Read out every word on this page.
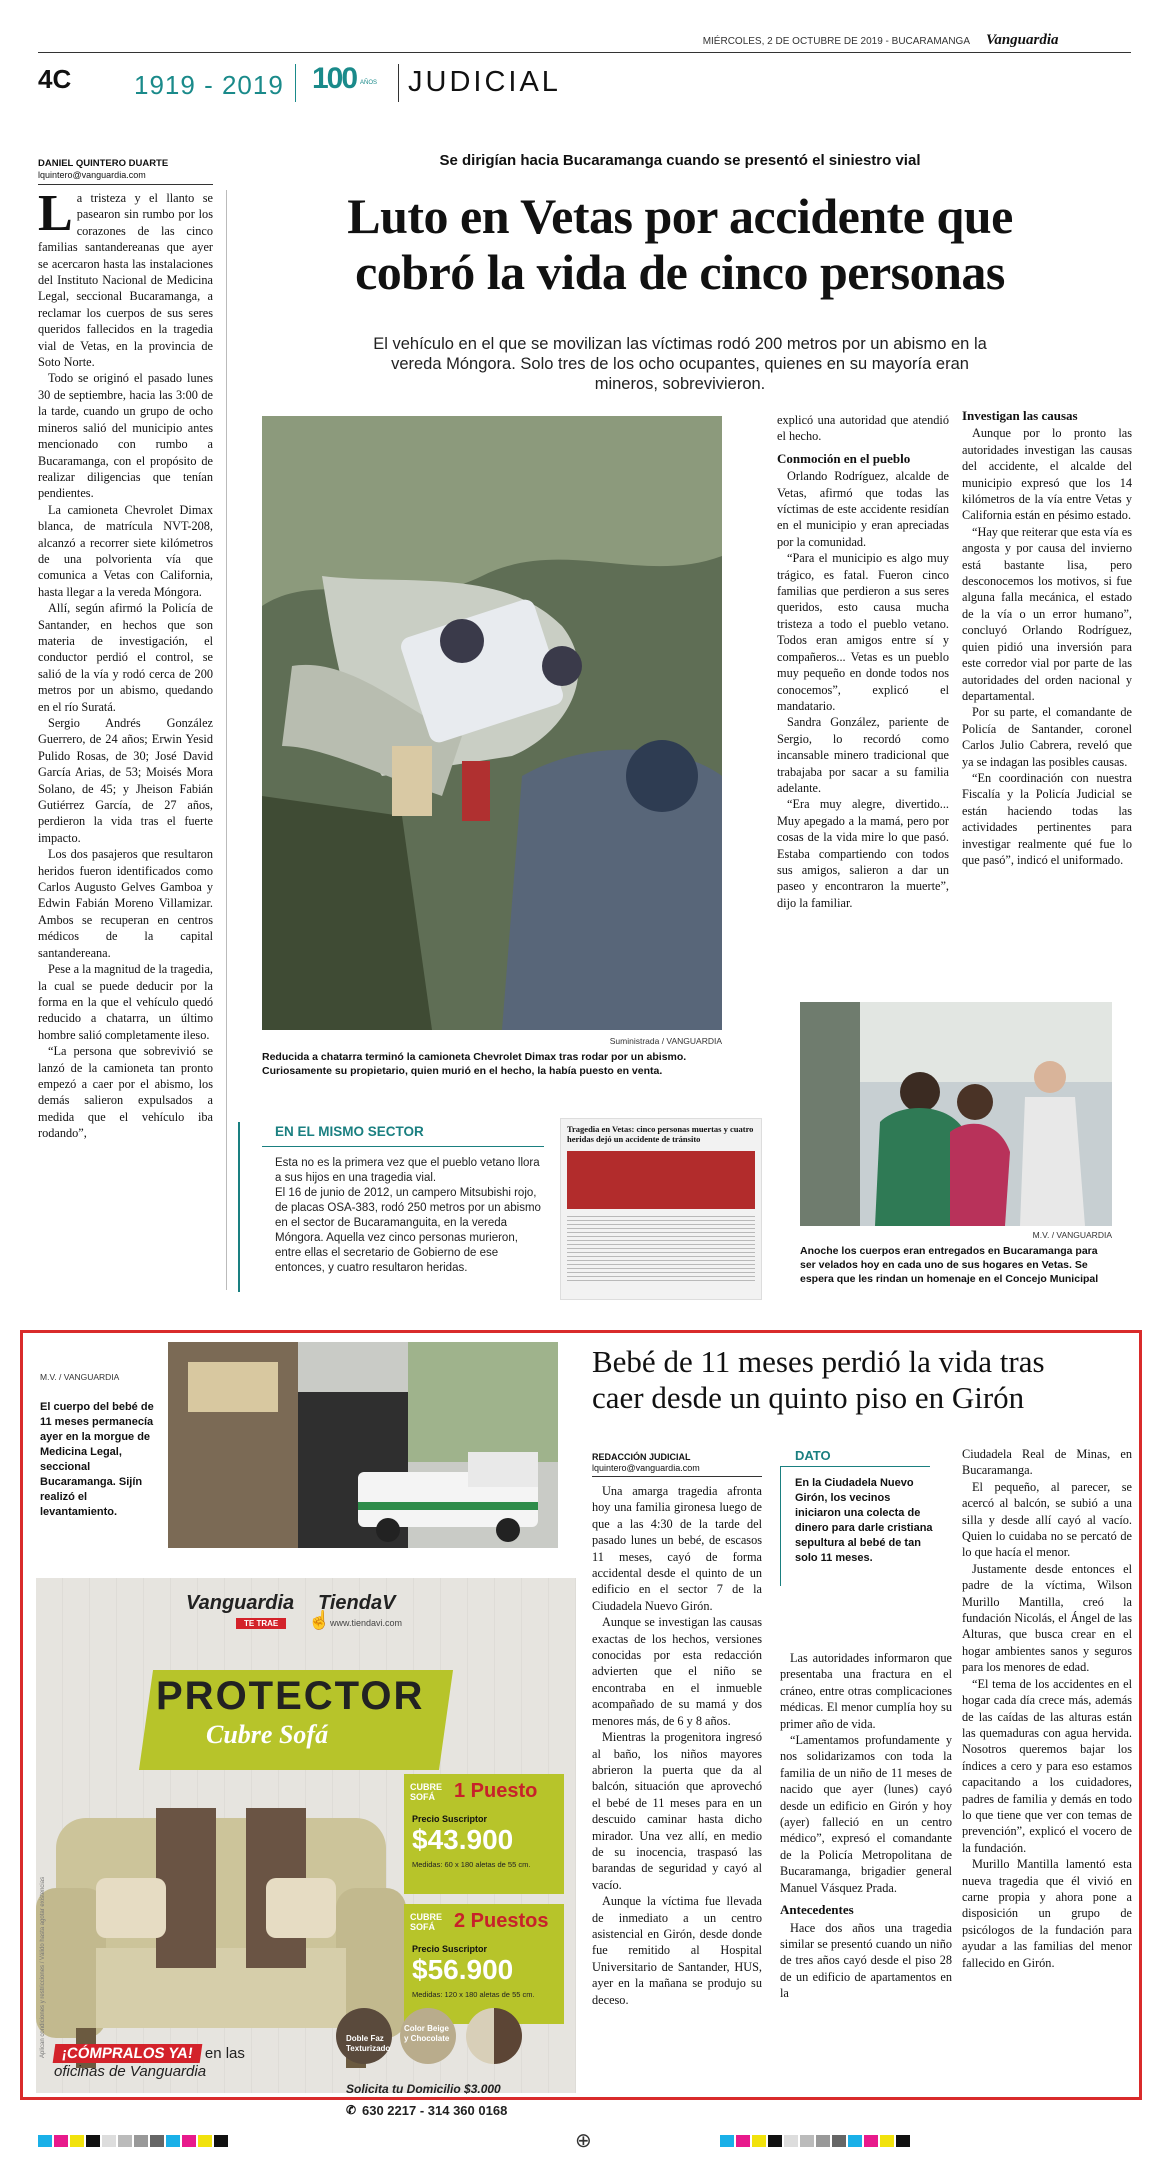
MIÉRCOLES, 2 DE OCTUBRE DE 2019 - BUCARAMANGA Vanguardia
4C 1919 - 2019 100 AÑOS JUDICIAL
DANIEL QUINTERO DUARTE
lquintero@vanguardia.com
Se dirigían hacia Bucaramanga cuando se presentó el siniestro vial
Luto en Vetas por accidente que
cobró la vida de cinco personas
El vehículo en el que se movilizan las víctimas rodó 200 metros por un abismo en la vereda Móngora. Solo tres de los ocho ocupantes, quienes en su mayoría eran mineros, sobrevivieron.

La tristeza y el llanto se pasearon sin rumbo por los corazones de las cinco familias santandereanas que ayer se acercaron hasta las instalaciones del Instituto Nacional de Medicina Legal, seccional Bucaramanga, a reclamar los cuerpos de sus seres queridos fallecidos en la tragedia vial de Vetas, en la provincia de Soto Norte.

Todo se originó el pasado lunes 30 de septiembre, hacia las 3:00 de la tarde, cuando un grupo de ocho mineros salió del municipio antes mencionado con rumbo a Bucaramanga, con el propósito de realizar diligencias que tenían pendientes.

La camioneta Chevrolet Dimax blanca, de matrícula NVT-208, alcanzó a recorrer siete kilómetros de una polvorienta vía que comunica a Vetas con California, hasta llegar a la vereda Móngora.

Allí, según afirmó la Policía de Santander, en hechos que son materia de investigación, el conductor perdió el control, se salió de la vía y rodó cerca de 200 metros por un abismo, quedando en el río Suratá.

Sergio Andrés González Guerrero, de 24 años; Erwin Yesid Pulido Rosas, de 30; José David García Arias, de 53; Moisés Mora Solano, de 45; y Jheison Fabián Gutiérrez García, de 27 años, perdieron la vida tras el fuerte impacto.

Los dos pasajeros que resultaron heridos fueron identificados como Carlos Augusto Gelves Gamboa y Edwin Fabián Moreno Villamizar. Ambos se recuperan en centros médicos de la capital santandereana.

Pese a la magnitud de la tragedia, la cual se puede deducir por la forma en la que el vehículo quedó reducido a chatarra, un último hombre salió completamente ileso.

“La persona que sobrevivió se lanzó de la camioneta tan pronto empezó a caer por el abismo, los demás salieron expulsados a medida que el vehículo iba rodando”,

Suministrada / VANGUARDIA
Reducida a chatarra terminó la camioneta Chevrolet Dimax tras rodar por un abismo. Curiosamente su propietario, quien murió en el hecho, la había puesto en venta.

explicó una autoridad que atendió el hecho.

Conmoción en el pueblo

Orlando Rodríguez, alcalde de Vetas, afirmó que todas las víctimas de este accidente residían en el municipio y eran apreciadas por la comunidad.

“Para el municipio es algo muy trágico, es fatal. Fueron cinco familias que perdieron a sus seres queridos, esto causa mucha tristeza a todo el pueblo vetano. Todos eran amigos entre sí y compañeros... Vetas es un pueblo muy pequeño en donde todos nos conocemos”, explicó el mandatario.

Sandra González, pariente de Sergio, lo recordó como incansable minero tradicional que trabajaba por sacar a su familia adelante.

“Era muy alegre, divertido... Muy apegado a la mamá, pero por cosas de la vida mire lo que pasó. Estaba compartiendo con todos sus amigos, salieron a dar un paseo y encontraron la muerte”, dijo la familiar.

Investigan las causas

Aunque por lo pronto las autoridades investigan las causas del accidente, el alcalde del municipio expresó que los 14 kilómetros de la vía entre Vetas y California están en pésimo estado.

“Hay que reiterar que esta vía es angosta y por causa del invierno está bastante lisa, pero desconocemos los motivos, si fue alguna falla mecánica, el estado de la vía o un error humano”, concluyó Orlando Rodríguez, quien pidió una inversión para este corredor vial por parte de las autoridades del orden nacional y departamental.

Por su parte, el comandante de Policía de Santander, coronel Carlos Julio Cabrera, reveló que ya se indagan las posibles causas.

“En coordinación con nuestra Fiscalía y la Policía Judicial se están haciendo todas las actividades pertinentes para investigar realmente qué fue lo que pasó”, indicó el uniformado.

M.V. / VANGUARDIA
Anoche los cuerpos eran entregados en Bucaramanga para ser velados hoy en cada uno de sus hogares en Vetas. Se espera que les rindan un homenaje en el Concejo Municipal
EN EL MISMO SECTOR
Esta no es la primera vez que el pueblo vetano llora a sus hijos en una tragedia vial.
El 16 de junio de 2012, un campero Mitsubishi rojo, de placas OSA-383, rodó 250 metros por un abismo en el sector de Bucaramanguita, en la vereda Móngora. Aquella vez cinco personas murieron, entre ellas el secretario de Gobierno de ese entonces, y cuatro resultaron heridas.
Tragedia en Vetas: cinco personas muertas y cuatro heridas dejó un accidente de tránsito
M.V. / VANGUARDIA
El cuerpo del bebé de 11 meses permanecía ayer en la morgue de Medicina Legal, seccional Bucaramanga. Sijín realizó el levantamiento.
Bebé de 11 meses perdió la vida tras
caer desde un quinto piso en Girón
REDACCIÓN JUDICIAL
lquintero@vanguardia.com

Una amarga tragedia afronta hoy una familia gironesa luego de que a las 4:30 de la tarde del pasado lunes un bebé, de escasos 11 meses, cayó de forma accidental desde el quinto de un edificio en el sector 7 de la Ciudadela Nuevo Girón.

Aunque se investigan las causas exactas de los hechos, versiones conocidas por esta redacción advierten que el niño se encontraba en el inmueble acompañado de su mamá y dos menores más, de 6 y 8 años.

Mientras la progenitora ingresó al baño, los niños mayores abrieron la puerta que da al balcón, situación que aprovechó el bebé de 11 meses para en un descuido caminar hasta dicho mirador. Una vez allí, en medio de su inocencia, traspasó las barandas de seguridad y cayó al vacío.

Aunque la víctima fue llevada de inmediato a un centro asistencial en Girón, desde donde fue remitido al Hospital Universitario de Santander, HUS, ayer en la mañana se produjo su deceso.

DATO
En la Ciudadela Nuevo Girón, los vecinos iniciaron una colecta de dinero para darle cristiana sepultura al bebé de tan solo 11 meses.

Las autoridades informaron que presentaba una fractura en el cráneo, entre otras complicaciones médicas. El menor cumplía hoy su primer año de vida.

“Lamentamos profundamente y nos solidarizamos con toda la familia de un niño de 11 meses de nacido que ayer (lunes) cayó desde un edificio en Girón y hoy (ayer) falleció en un centro médico”, expresó el comandante de la Policía Metropolitana de Bucaramanga, brigadier general Manuel Vásquez Prada.

Antecedentes

Hace dos años una tragedia similar se presentó cuando un niño de tres años cayó desde el piso 28 de un edificio de apartamentos en la

Ciudadela Real de Minas, en Bucaramanga.

El pequeño, al parecer, se acercó al balcón, se subió a una silla y desde allí cayó al vacío. Quien lo cuidaba no se percató de lo que hacía el menor.

Justamente desde entonces el padre de la víctima, Wilson Murillo Mantilla, creó la fundación Nicolás, el Ángel de las Alturas, que busca crear en el hogar ambientes sanos y seguros para los menores de edad.

“El tema de los accidentes en el hogar cada día crece más, además de las caídas de las alturas están las quemaduras con agua hervida. Nosotros queremos bajar los índices a cero y para eso estamos capacitando a los cuidadores, padres de familia y demás en todo lo que tiene que ver con temas de prevención”, explicó el vocero de la fundación.

Murillo Mantilla lamentó esta nueva tragedia que él vivió en carne propia y ahora pone a disposición un grupo de psicólogos de la fundación para ayudar a las familias del menor fallecido en Girón.

Vanguardia
TE TRAE
TiendaV
www.tiendavi.com
☝
PROTECTOR
Cubre Sofá
CUBRE SOFÁ 1 Puesto
Precio Suscriptor
$43.900
Medidas: 60 x 180 aletas de 55 cm.
CUBRE SOFÁ 2 Puestos
Precio Suscriptor
$56.900
Medidas: 120 x 180 aletas de 55 cm.
Doble Faz Texturizado
Color Beige y Chocolate
Aplican condiciones y restricciones / Válido hasta agotar existencias ¡CÓMPRALOS YA! en las
oficinas de Vanguardia
Solicita tu Domicilio $3.000
✆ 630 2217 - 314 360 0168
⊕
